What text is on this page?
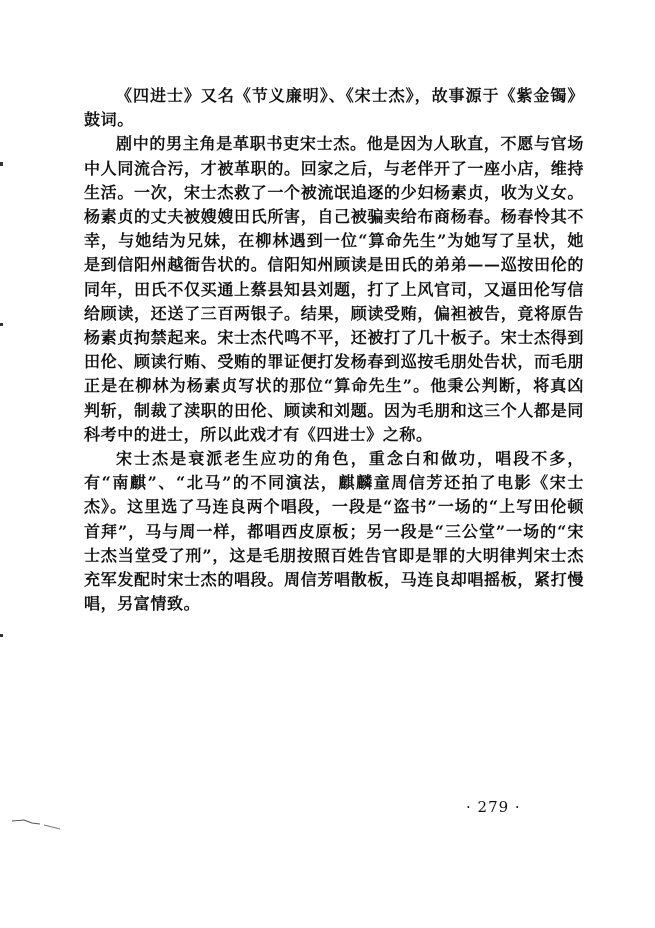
《四进士》又名《节义廉明》、《宋士杰》，故事源于《紫金镯》鼓词。

剧中的男主角是革职书吏宋士杰。他是因为人耿直，不愿与官场中人同流合污，才被革职的。回家之后，与老伴开了一座小店，维持生活。一次，宋士杰救了一个被流氓追逐的少妇杨素贞，收为义女。杨素贞的丈夫被嫂嫂田氏所害，自己被骗卖给布商杨春。杨春怜其不幸，与她结为兄妹，在柳林遇到一位“算命先生”为她写了呈状，她是到信阳州越衙告状的。信阳知州顾读是田氏的弟弟——巡按田伦的同年，田氏不仅买通上蔡县知县刘题，打了上风官司，又逼田伦写信给顾读，还送了三百两银子。结果，顾读受贿，偏袒被告，竟将原告杨素贞拘禁起来。宋士杰代鸣不平，还被打了几十板子。宋士杰得到田伦、顾读行贿、受贿的罪证便打发杨春到巡按毛朋处告状，而毛朋正是在柳林为杨素贞写状的那位“算命先生”。他秉公判断，将真凶判斩，制裁了渎职的田伦、顾读和刘题。因为毛朋和这三个人都是同科考中的进士，所以此戏才有《四进士》之称。

宋士杰是衰派老生应功的角色，重念白和做功，唱段不多，有“南麒”、“北马”的不同演法，麒麟童周信芳还拍了电影《宋士杰》。这里选了马连良两个唱段，一段是“盗书”一场的“上写田伦顿首拜”，马与周一样，都唱西皮原板；另一段是“三公堂”一场的“宋士杰当堂受了刑”，这是毛朋按照百姓告官即是罪的大明律判宋士杰充军发配时宋士杰的唱段。周信芳唱散板，马连良却唱摇板，紧打慢唱，另富情致。

· 279 ·
